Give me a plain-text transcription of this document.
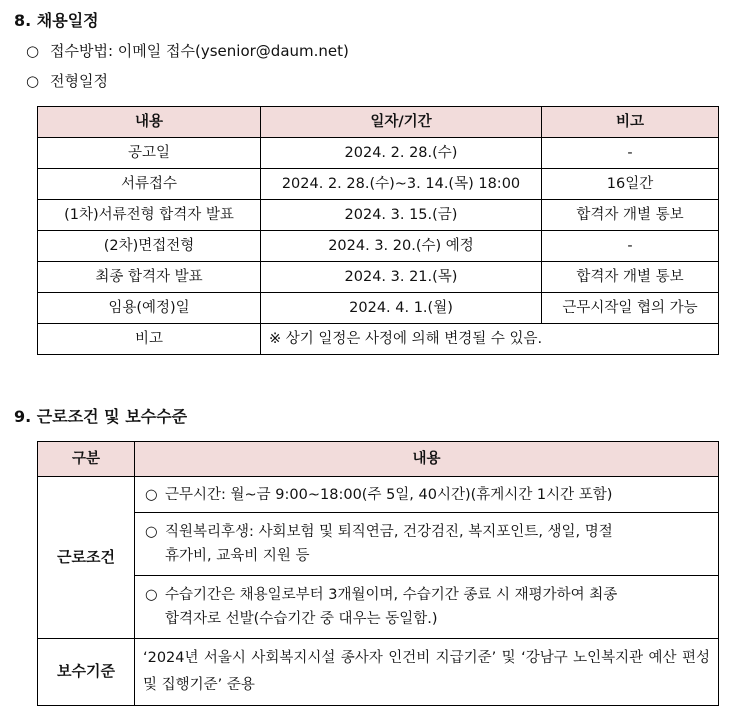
8. 채용일정
○ 접수방법: 이메일 접수(ysenior@daum.net)
○ 전형일정
내용	일자/기간	비고
공고일	2024. 2. 28.(수)	-
서류접수	2024. 2. 28.(수)~3. 14.(목) 18:00	16일간
(1차)서류전형 합격자 발표	2024. 3. 15.(금)	합격자 개별 통보
(2차)면접전형	2024. 3. 20.(수) 예정	-
최종 합격자 발표	2024. 3. 21.(목)	합격자 개별 통보
임용(예정)일	2024. 4. 1.(월)	근무시작일 협의 가능
비고	※ 상기 일정은 사정에 의해 변경될 수 있음.	
9. 근로조건 및 보수수준
구분	내용
근로조건	○ 근무시간: 월~금 9:00~18:00(주 5일, 40시간)(휴게시간 1시간 포함)
	○ 직원복리후생: 사회보험 및 퇴직연금, 건강검진, 복지포인트, 생일, 명절
휴가비, 교육비 지원 등

	○ 수습기간은 채용일로부터 3개월이며, 수습기간 종료 시 재평가하여 최종
합격자로 선발(수습기간 중 대우는 동일함.)

보수기준	‘2024년 서울시 사회복지시설 종사자 인건비 지급기준’ 및 ‘강남구 노인복지관 예산 편성 및 집행기준’ 준용
